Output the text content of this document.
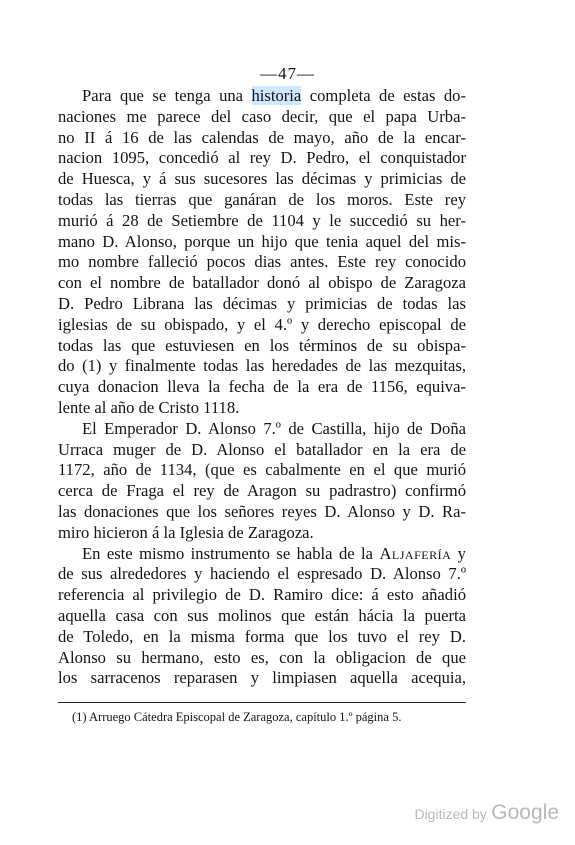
—47—
Para que se tenga una historia completa de estas do-
naciones me parece del caso decir, que el papa Urba-
no II á 16 de las calendas de mayo, año de la encar-
nacion 1095, concedió al rey D. Pedro, el conquistador
de Huesca, y á sus sucesores las décimas y primicias de
todas las tierras que ganáran de los moros. Este rey
murió á 28 de Setiembre de 1104 y le succedió su her-
mano D. Alonso, porque un hijo que tenia aquel del mis-
mo nombre falleció pocos dias antes. Este rey conocido
con el nombre de batallador donó al obispo de Zaragoza
D. Pedro Librana las décimas y primicias de todas las
iglesias de su obispado, y el 4.º y derecho episcopal de
todas las que estuviesen en los términos de su obispa-
do (1) y finalmente todas las heredades de las mezquitas,
cuya donacion lleva la fecha de la era de 1156, equiva-
lente al año de Cristo 1118.
El Emperador D. Alonso 7.º de Castilla, hijo de Doña
Urraca muger de D. Alonso el batallador en la era de
1172, año de 1134, (que es cabalmente en el que murió
cerca de Fraga el rey de Aragon su padrastro) confirmó
las donaciones que los señores reyes D. Alonso y D. Ra-
miro hicieron á la Iglesia de Zaragoza.
En este mismo instrumento se habla de la Aljafería y
de sus alrededores y haciendo el espresado D. Alonso 7.º
referencia al privilegio de D. Ramiro dice: á esto añadió
aquella casa con sus molinos que están hácia la puerta
de Toledo, en la misma forma que los tuvo el rey D.
Alonso su hermano, esto es, con la obligacion de que
los sarracenos reparasen y limpiasen aquella acequia,
(1) Arruego Cátedra Episcopal de Zaragoza, capítulo 1.º página 5.
Digitized by Google
